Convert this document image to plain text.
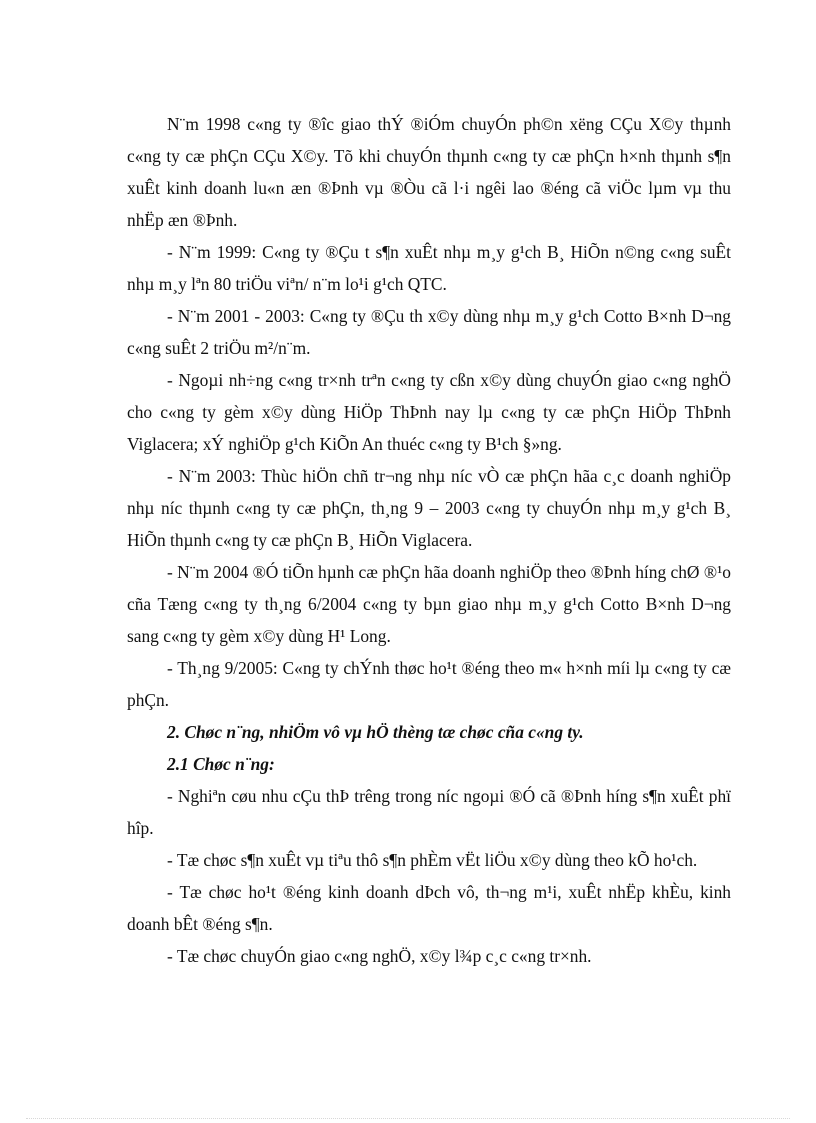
N¨m 1998 c«ng ty ®îc giao thÝ ®iÓm chuyÓn ph©n xëng CÇu X©y thµnh c«ng ty cæ phÇn CÇu X©y. Tõ khi chuyÓn thµnh c«ng ty cæ phÇn h×nh thµnh s¶n xuÊt kinh doanh lu«n æn ®Þnh vµ ®Òu cã l·i ngêi lao ®éng cã viÖc lµm vµ thu nhËp æn ®Þnh.

- N¨m 1999: C«ng ty ®Çu t s¶n xuÊt nhµ m¸y g¹ch B¸ HiÕn n©ng c«ng suÊt nhµ m¸y lªn 80 triÖu viªn/ n¨m lo¹i g¹ch QTC.

- N¨m 2001 - 2003: C«ng ty ®Çu th x©y dùng nhµ m¸y g¹ch Cotto B×nh D¬ng c«ng suÊt 2 triÖu m²/n¨m.

- Ngoµi nh÷ng c«ng tr×nh trªn c«ng ty cßn x©y dùng chuyÓn giao c«ng nghÖ cho c«ng ty gèm x©y dùng HiÖp ThÞnh nay lµ c«ng ty cæ phÇn HiÖp ThÞnh Viglacera; xÝ nghiÖp g¹ch KiÕn An thuéc c«ng ty B¹ch §»ng.

- N¨m 2003: Thùc hiÖn chñ tr¬ng nhµ níc vÒ cæ phÇn hãa c¸c doanh nghiÖp nhµ níc thµnh c«ng ty cæ phÇn, th¸ng 9 – 2003 c«ng ty chuyÓn nhµ m¸y g¹ch B¸ HiÕn thµnh c«ng ty cæ phÇn B¸ HiÕn Viglacera.

- N¨m 2004 ®Ó tiÕn hµnh cæ phÇn hãa doanh nghiÖp theo ®Þnh híng chØ ®¹o cña Tæng c«ng ty th¸ng 6/2004 c«ng ty bµn giao nhµ m¸y g¹ch Cotto B×nh D¬ng sang c«ng ty gèm x©y dùng H¹ Long.

- Th¸ng 9/2005: C«ng ty chÝnh thøc ho¹t ®éng theo m« h×nh míi lµ c«ng ty cæ phÇn.

2. Chøc n¨ng, nhiÖm vô vµ hÖ thèng tæ chøc cña c«ng ty.

2.1 Chøc n¨ng:

- Nghiªn cøu nhu cÇu thÞ trêng trong níc ngoµi ®Ó cã ®Þnh híng s¶n xuÊt phï hîp.

- Tæ chøc s¶n xuÊt vµ tiªu thô s¶n phÈm vËt liÖu x©y dùng theo kÕ ho¹ch.

- Tæ chøc ho¹t ®éng kinh doanh dÞch vô, th¬ng m¹i, xuÊt nhËp khÈu, kinh doanh bÊt ®éng s¶n.

- Tæ chøc chuyÓn giao c«ng nghÖ, x©y l¾p c¸c c«ng tr×nh.
